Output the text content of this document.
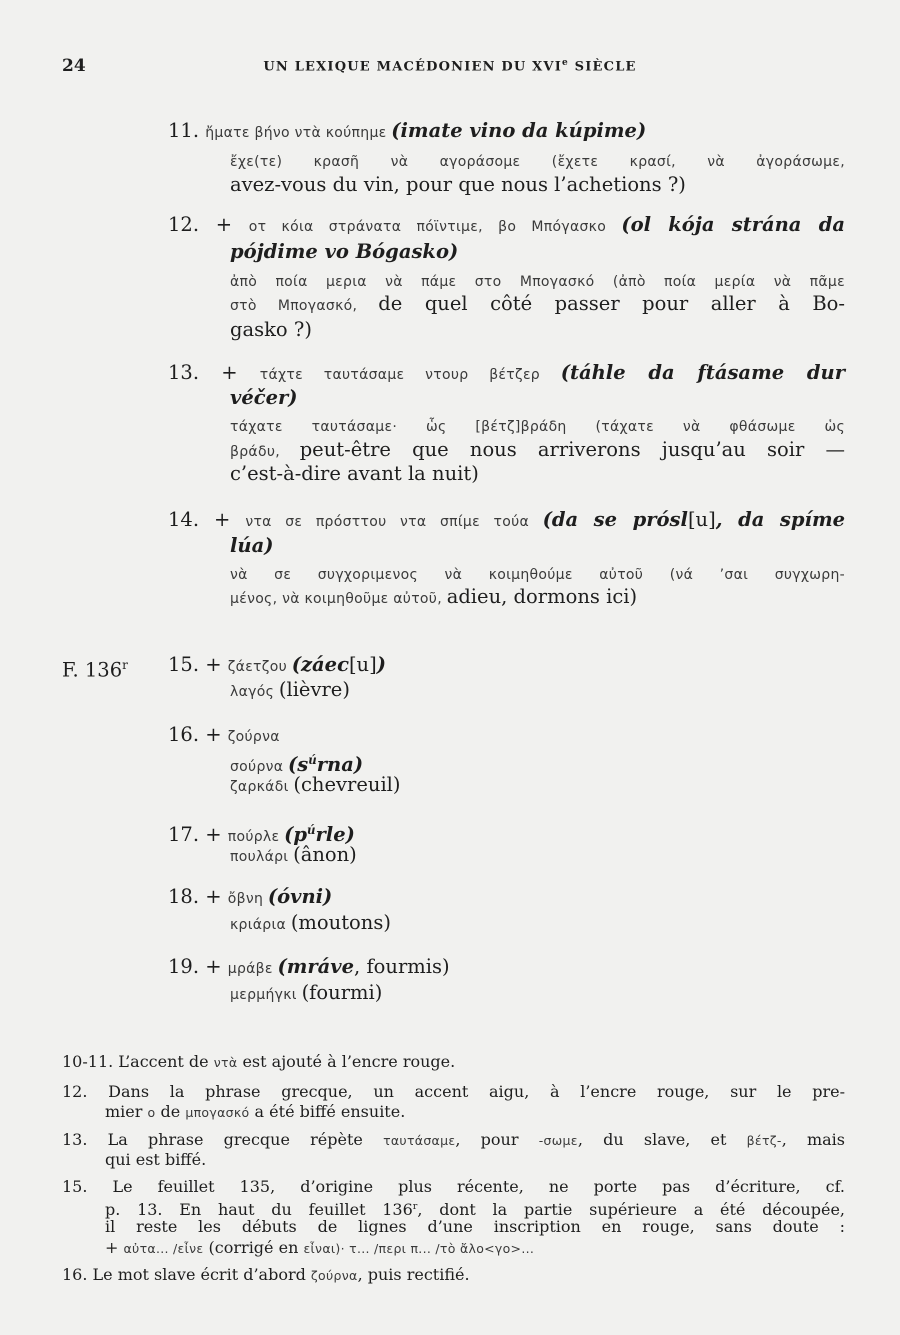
24	UN LEXIQUE MACÉDONIEN DU XVIe SIÈCLE
F. 136$^r$
11. ἤματε βήνο ντὰ κούπημε (imate vino da kúpime)
ἔχε(τε) κρασῆ νὰ αγοράσομε (ἔχετε κρασί, νὰ ἀγοράσωμε,
avez-vous du vin, pour que nous l’achetions ?)
12. + οτ κόια στράνατα πόϊντιμε, βο Μπόγασκο (ol kója strána da
pójdime vo Bógasko)
ἀπὸ ποία μερια νὰ πάμε στο Μπογασκό (ἀπὸ ποία μερία νὰ πᾶμε
στὸ Μπογασκό, de quel côté passer pour aller à Bo-
gasko ?)
13. + τάχτε ταυτάσαμε ντουρ βέτζερ (táhle da ftásame dur
véčer)
τάχατε ταυτάσαμε· ὧς [βέτζ]βράδη (τάχατε νὰ φθάσωμε ὡς
βράδυ, peut-être que nous arriverons jusqu’au soir —
c’est-à-dire avant la nuit)
14. + ντα σε πρόσττου ντα σπίμε τούα (da se prósl[u], da spíme
lúa)
νὰ σε συγχοριμενος νὰ κοιμηθούμε αὐτοῦ (νά ’σαι συγχωρη-
μένος, νὰ κοιμηθοῦμε αὐτοῦ, adieu, dormons ici)
15. + ζάετζου (záec[u])
λαγός (lièvre)
16. + ζούρνα
σούρνα $(s^úrna)$
ζαρκάδι (chevreuil)
17. + πούρλε $(p^úrle)$
πουλάρι (ânon)
18. + ὄβνη (óvni)
κριάρια (moutons)
19. + μράβε (mráve, fourmis)
μερμήγκι (fourmi)
10-11. L’accent de ντὰ est ajouté à l’encre rouge.
12. Dans la phrase grecque, un accent aigu, à l’encre rouge, sur le pre-
mier ο de μπογασκό a été biffé ensuite.
13. La phrase grecque répète ταυτάσαμε, pour -σωμε, du slave, et βέτζ-, mais
qui est biffé.
15. Le feuillet 135, d’origine plus récente, ne porte pas d’écriture, cf.
p. 13. En haut du feuillet 136$^r$, dont la partie supérieure a été découpée,
il reste les débuts de lignes d’une inscription en rouge, sans doute :
+ αὐτα... /εἶνε (corrigé en εἶναι)· τ... /περι π... /τὸ ἄλο<γο>...
16. Le mot slave écrit d’abord ζούρνα, puis rectifié.
